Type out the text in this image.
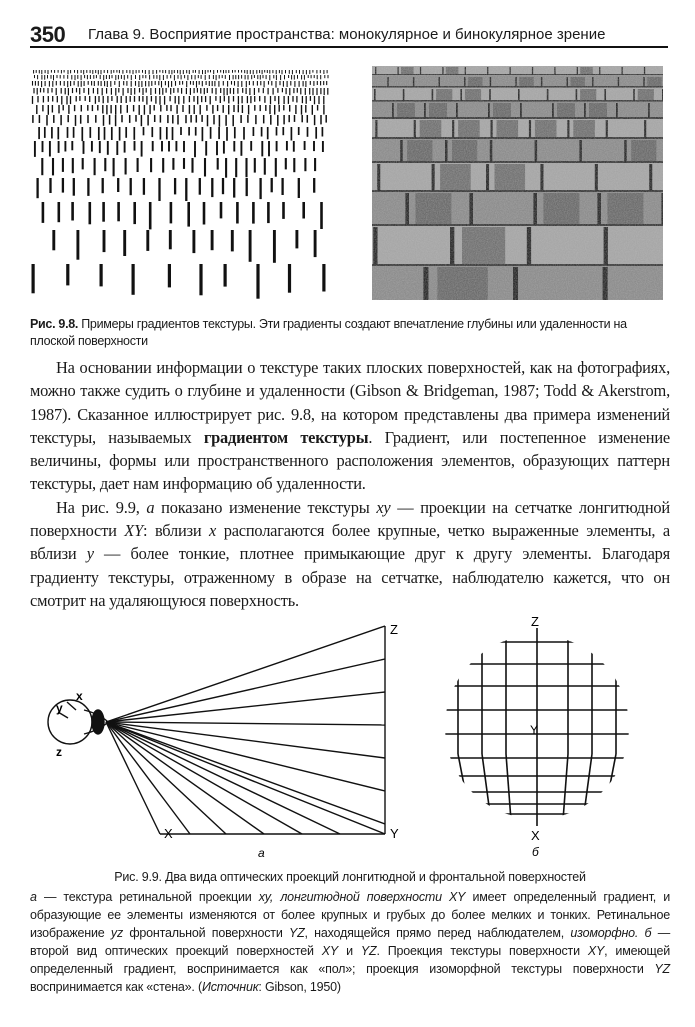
350 Глава 9. Восприятие пространства: монокулярное и бинокулярное зрение
Рис. 9.8. Примеры градиентов текстуры. Эти градиенты создают впечатление глубины или удаленности на плоской поверхности

На основании информации о текстуре таких плоских поверхностей, как на фотографиях, можно также судить о глубине и удаленности (Gibson & Bridgeman, 1987; Todd & Akerstrom, 1987). Сказанное иллюстрирует рис. 9.8, на котором представлены два примера изменений текстуры, называемых градиентом текстуры. Градиент, или постепенное изменение величины, формы или пространственного расположения элементов, образующих паттерн текстуры, дает нам информацию об удаленности.

На рис. 9.9, а показано изменение текстуры xy — проекции на сетчатке лонгитюдной поверхности XY: вблизи x располагаются более крупные, четко выраженные элементы, а вблизи y — более тонкие, плотнее примыкающие друг к другу элементы. Благодаря градиенту текстуры, отраженному в образе на сетчатке, наблюдателю кажется, что он смотрит на удаляющуюся поверхность.

x
y
z
Z
X	Y
а
Z
Y
X
б

Рис. 9.9. Два вида оптических проекций лонгитюдной и фронтальной поверхностей

а — текстура ретинальной проекции xy, лонгитюдной поверхности XY имеет определенный градиент, и образующие ее элементы изменяются от более крупных и грубых до более мелких и тонких. Ретинальное изображение yz фронтальной поверхности YZ, находящейся прямо перед наблюдателем, изоморфно. б — второй вид оптических проекций поверхностей XY и YZ. Проекция текстуры поверхности XY, имеющей определенный градиент, воспринимается как «пол»; проекция изоморфной текстуры поверхности YZ воспринимается как «стена». (Источник: Gibson, 1950)
